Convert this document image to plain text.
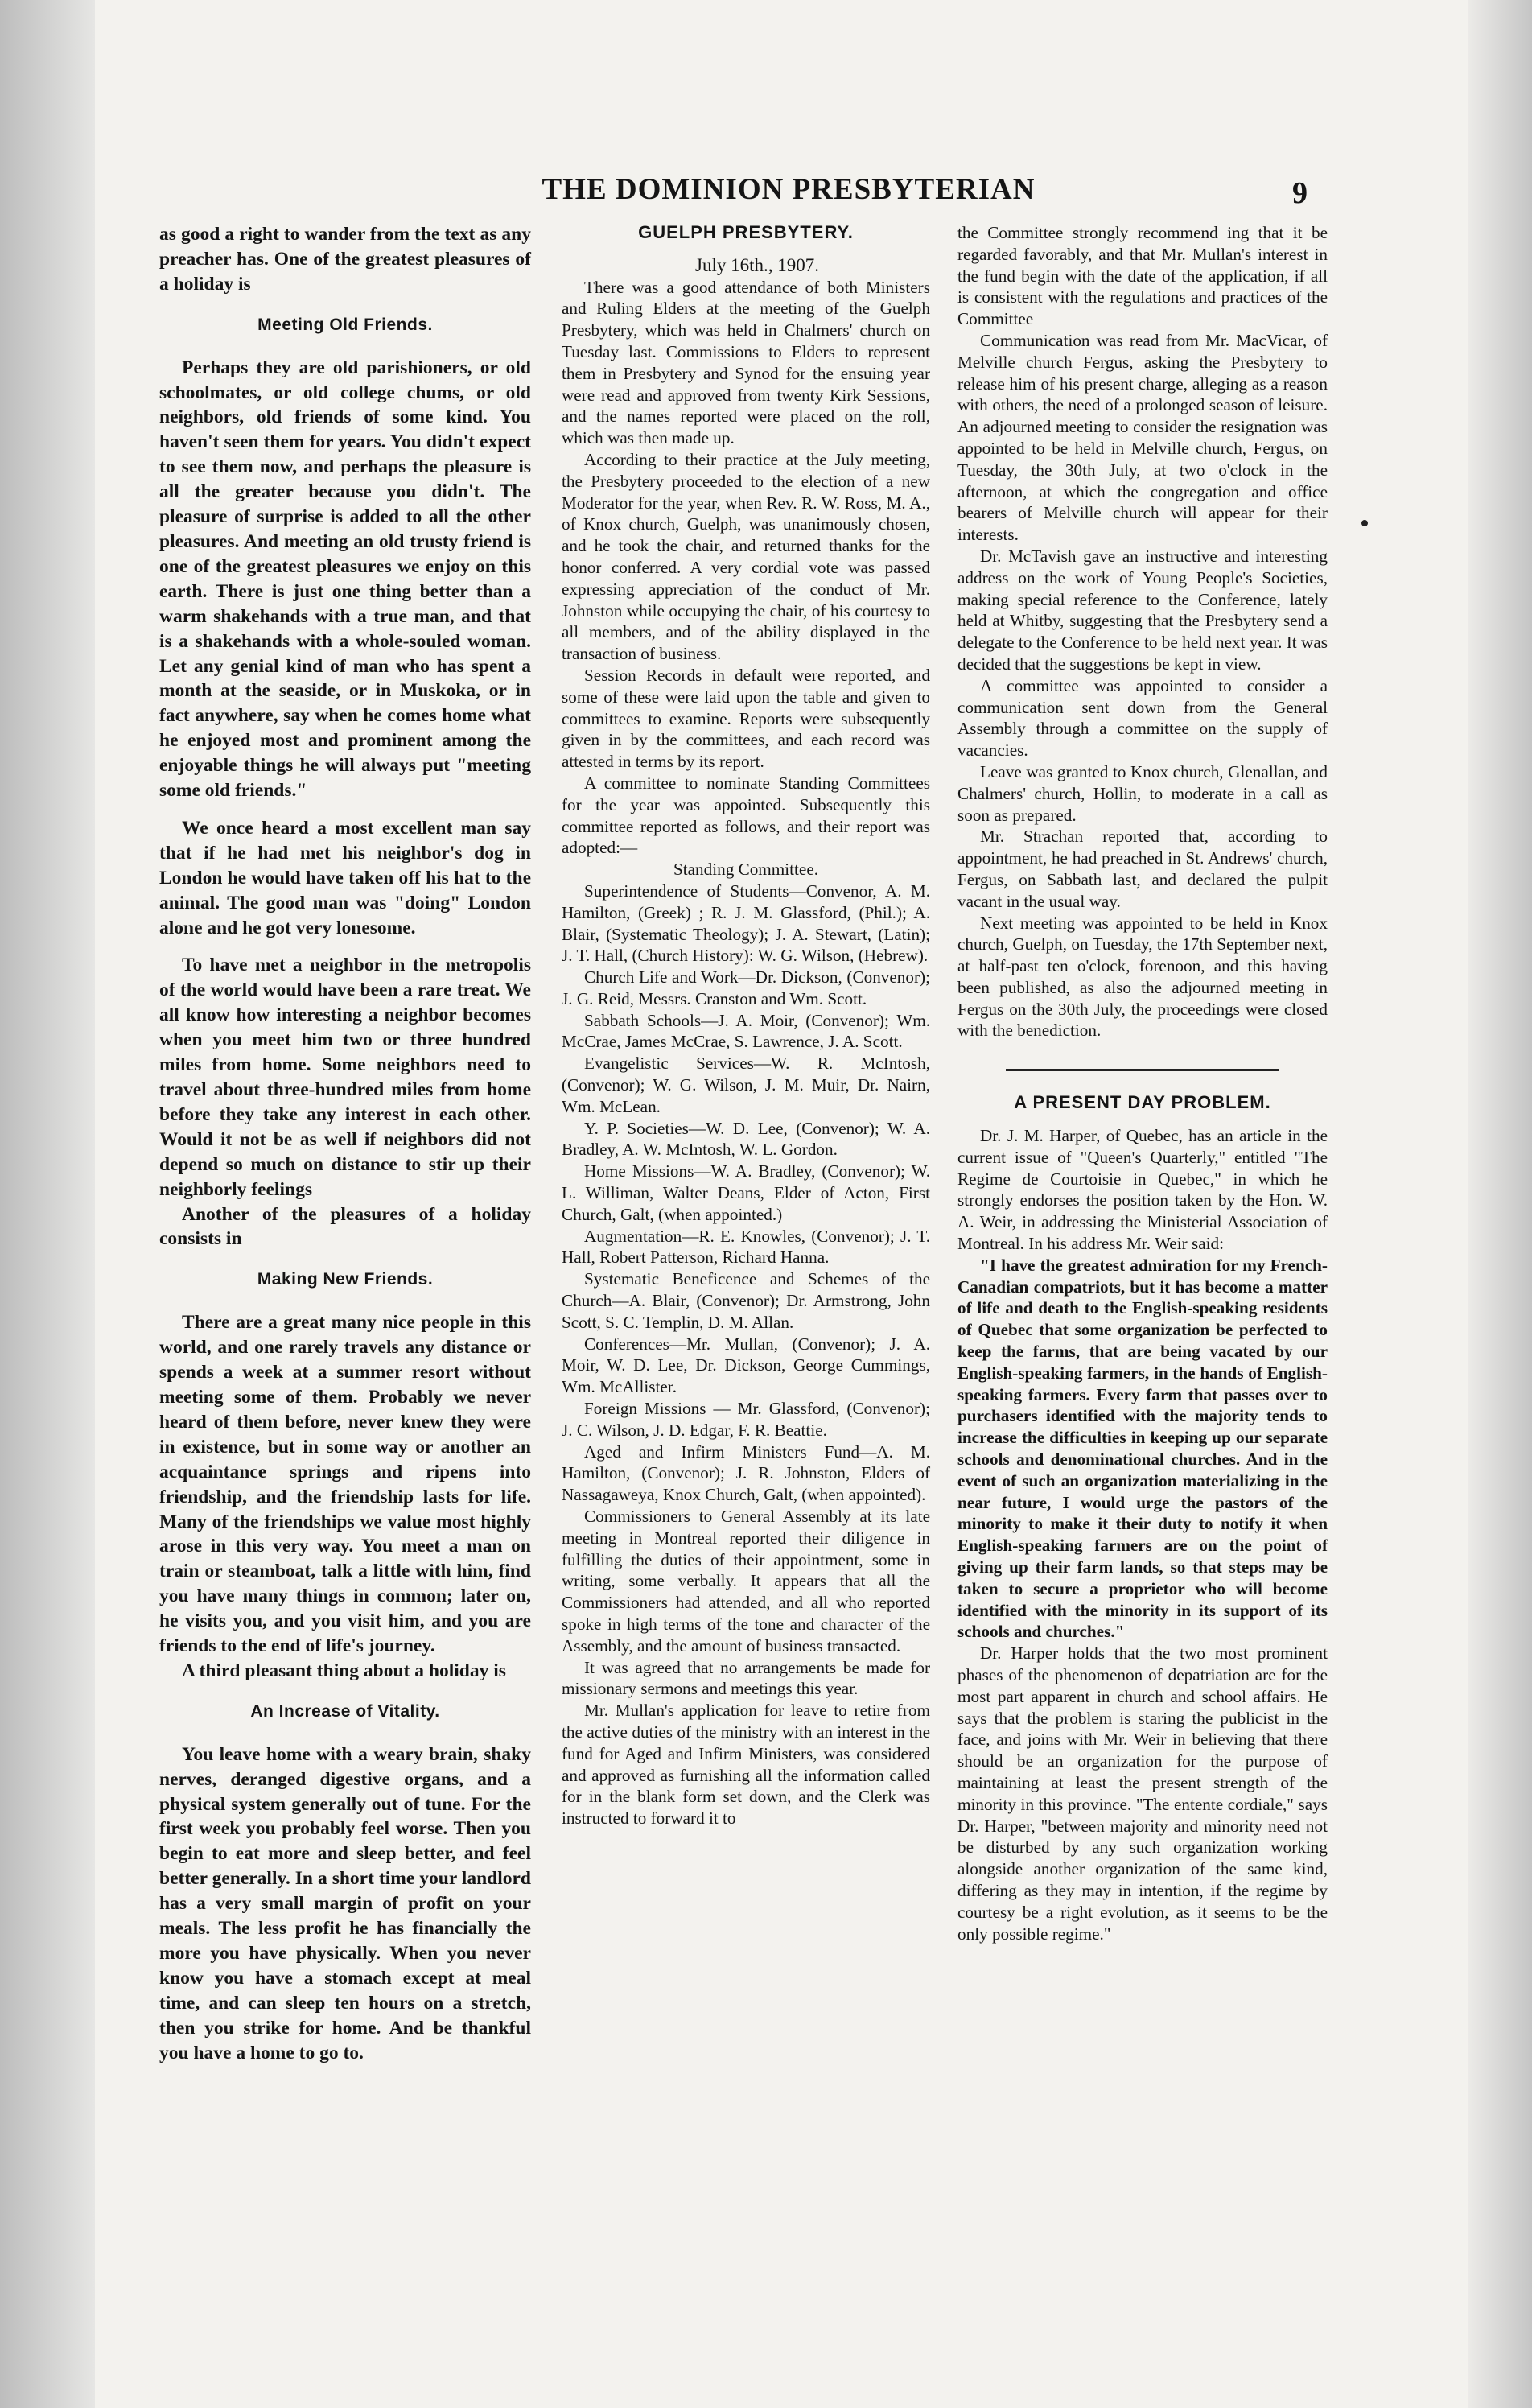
THE DOMINION PRESBYTERIAN	9

as good a right to wander from the text as any preacher has. One of the greatest pleasures of a holiday is

Meeting Old Friends.

Perhaps they are old parishioners, or old schoolmates, or old college chums, or old neighbors, old friends of some kind. You haven't seen them for years. You didn't expect to see them now, and perhaps the pleasure is all the greater because you didn't. The pleasure of surprise is added to all the other pleasures. And meeting an old trusty friend is one of the greatest pleasures we enjoy on this earth. There is just one thing better than a warm shakehands with a true man, and that is a shakehands with a whole-souled woman. Let any genial kind of man who has spent a month at the seaside, or in Muskoka, or in fact anywhere, say when he comes home what he enjoyed most and prominent among the enjoyable things he will always put "meeting some old friends."

We once heard a most excellent man say that if he had met his neighbor's dog in London he would have taken off his hat to the animal. The good man was "doing" London alone and he got very lonesome.

To have met a neighbor in the metropolis of the world would have been a rare treat. We all know how interesting a neighbor becomes when you meet him two or three hundred miles from home. Some neighbors need to travel about three-hundred miles from home before they take any interest in each other. Would it not be as well if neighbors did not depend so much on distance to stir up their neighborly feelings

Another of the pleasures of a holiday consists in

Making New Friends.

There are a great many nice people in this world, and one rarely travels any distance or spends a week at a summer resort without meeting some of them. Probably we never heard of them before, never knew they were in existence, but in some way or another an acquaintance springs and ripens into friendship, and the friendship lasts for life. Many of the friendships we value most highly arose in this very way. You meet a man on train or steamboat, talk a little with him, find you have many things in common; later on, he visits you, and you visit him, and you are friends to the end of life's journey.

A third pleasant thing about a holiday is

An Increase of Vitality.

You leave home with a weary brain, shaky nerves, deranged digestive organs, and a physical system generally out of tune. For the first week you probably feel worse. Then you begin to eat more and sleep better, and feel better generally. In a short time your landlord has a very small margin of profit on your meals. The less profit he has financially the more you have physically. When you never know you have a stomach except at meal time, and can sleep ten hours on a stretch, then you strike for home. And be thankful you have a home to go to.

GUELPH PRESBYTERY.

July 16th., 1907.

There was a good attendance of both Ministers and Ruling Elders at the meeting of the Guelph Presbytery, which was held in Chalmers' church on Tuesday last. Commissions to Elders to represent them in Presbytery and Synod for the ensuing year were read and approved from twenty Kirk Sessions, and the names reported were placed on the roll, which was then made up.

According to their practice at the July meeting, the Presbytery proceeded to the election of a new Moderator for the year, when Rev. R. W. Ross, M. A., of Knox church, Guelph, was unanimously chosen, and he took the chair, and returned thanks for the honor conferred. A very cordial vote was passed expressing appreciation of the conduct of Mr. Johnston while occupying the chair, of his courtesy to all members, and of the ability displayed in the transaction of business.

Session Records in default were reported, and some of these were laid upon the table and given to committees to examine. Reports were subsequently given in by the committees, and each record was attested in terms by its report.

A committee to nominate Standing Committees for the year was appointed. Subsequently this committee reported as follows, and their report was adopted:—

Standing Committee.

Superintendence of Students—Convenor, A. M. Hamilton, (Greek) ; R. J. M. Glassford, (Phil.); A. Blair, (Systematic Theology); J. A. Stewart, (Latin); J. T. Hall, (Church History): W. G. Wilson, (Hebrew).

Church Life and Work—Dr. Dickson, (Convenor); J. G. Reid, Messrs. Cranston and Wm. Scott.

Sabbath Schools—J. A. Moir, (Convenor); Wm. McCrae, James McCrae, S. Lawrence, J. A. Scott.

Evangelistic Services—W. R. McIntosh, (Convenor); W. G. Wilson, J. M. Muir, Dr. Nairn, Wm. McLean.

Y. P. Societies—W. D. Lee, (Convenor); W. A. Bradley, A. W. McIntosh, W. L. Gordon.

Home Missions—W. A. Bradley, (Convenor); W. L. Williman, Walter Deans, Elder of Acton, First Church, Galt, (when appointed.)

Augmentation—R. E. Knowles, (Convenor); J. T. Hall, Robert Patterson, Richard Hanna.

Systematic Beneficence and Schemes of the Church—A. Blair, (Convenor); Dr. Armstrong, John Scott, S. C. Templin, D. M. Allan.

Conferences—Mr. Mullan, (Convenor); J. A. Moir, W. D. Lee, Dr. Dickson, George Cummings, Wm. McAllister.

Foreign Missions — Mr. Glassford, (Convenor); J. C. Wilson, J. D. Edgar, F. R. Beattie.

Aged and Infirm Ministers Fund—A. M. Hamilton, (Convenor); J. R. Johnston, Elders of Nassagaweya, Knox Church, Galt, (when appointed).

Commissioners to General Assembly at its late meeting in Montreal reported their diligence in fulfilling the duties of their appointment, some in writing, some verbally. It appears that all the Commissioners had attended, and all who reported spoke in high terms of the tone and character of the Assembly, and the amount of business transacted.

It was agreed that no arrangements be made for missionary sermons and meetings this year.

Mr. Mullan's application for leave to retire from the active duties of the ministry with an interest in the fund for Aged and Infirm Ministers, was considered and approved as furnishing all the information called for in the blank form set down, and the Clerk was instructed to forward it to

the Committee strongly recommend ing that it be regarded favorably, and that Mr. Mullan's interest in the fund begin with the date of the application, if all is consistent with the regulations and practices of the Committee

Communication was read from Mr. MacVicar, of Melville church Fergus, asking the Presbytery to release him of his present charge, alleging as a reason with others, the need of a prolonged season of leisure. An adjourned meeting to consider the resignation was appointed to be held in Melville church, Fergus, on Tuesday, the 30th July, at two o'clock in the afternoon, at which the congregation and office bearers of Melville church will appear for their interests.

Dr. McTavish gave an instructive and interesting address on the work of Young People's Societies, making special reference to the Conference, lately held at Whitby, suggesting that the Presbytery send a delegate to the Conference to be held next year. It was decided that the suggestions be kept in view.

A committee was appointed to consider a communication sent down from the General Assembly through a committee on the supply of vacancies.

Leave was granted to Knox church, Glenallan, and Chalmers' church, Hollin, to moderate in a call as soon as prepared.

Mr. Strachan reported that, according to appointment, he had preached in St. Andrews' church, Fergus, on Sabbath last, and declared the pulpit vacant in the usual way.

Next meeting was appointed to be held in Knox church, Guelph, on Tuesday, the 17th September next, at half-past ten o'clock, forenoon, and this having been published, as also the adjourned meeting in Fergus on the 30th July, the proceedings were closed with the benediction.

A PRESENT DAY PROBLEM.

Dr. J. M. Harper, of Quebec, has an article in the current issue of "Queen's Quarterly," entitled "The Regime de Courtoisie in Quebec," in which he strongly endorses the position taken by the Hon. W. A. Weir, in addressing the Ministerial Association of Montreal. In his address Mr. Weir said:

"I have the greatest admiration for my French-Canadian compatriots, but it has become a matter of life and death to the English-speaking residents of Quebec that some organization be perfected to keep the farms, that are being vacated by our English-speaking farmers, in the hands of English-speaking farmers. Every farm that passes over to purchasers identified with the majority tends to increase the difficulties in keeping up our separate schools and denominational churches. And in the event of such an organization materializing in the near future, I would urge the pastors of the minority to make it their duty to notify it when English-speaking farmers are on the point of giving up their farm lands, so that steps may be taken to secure a proprietor who will become identified with the minority in its support of its schools and churches."

Dr. Harper holds that the two most prominent phases of the phenomenon of depatriation are for the most part apparent in church and school affairs. He says that the problem is staring the publicist in the face, and joins with Mr. Weir in believing that there should be an organization for the purpose of maintaining at least the present strength of the minority in this province. "The entente cordiale," says Dr. Harper, "between majority and minority need not be disturbed by any such organization working alongside another organization of the same kind, differing as they may in intention, if the regime by courtesy be a right evolution, as it seems to be the only possible regime."
